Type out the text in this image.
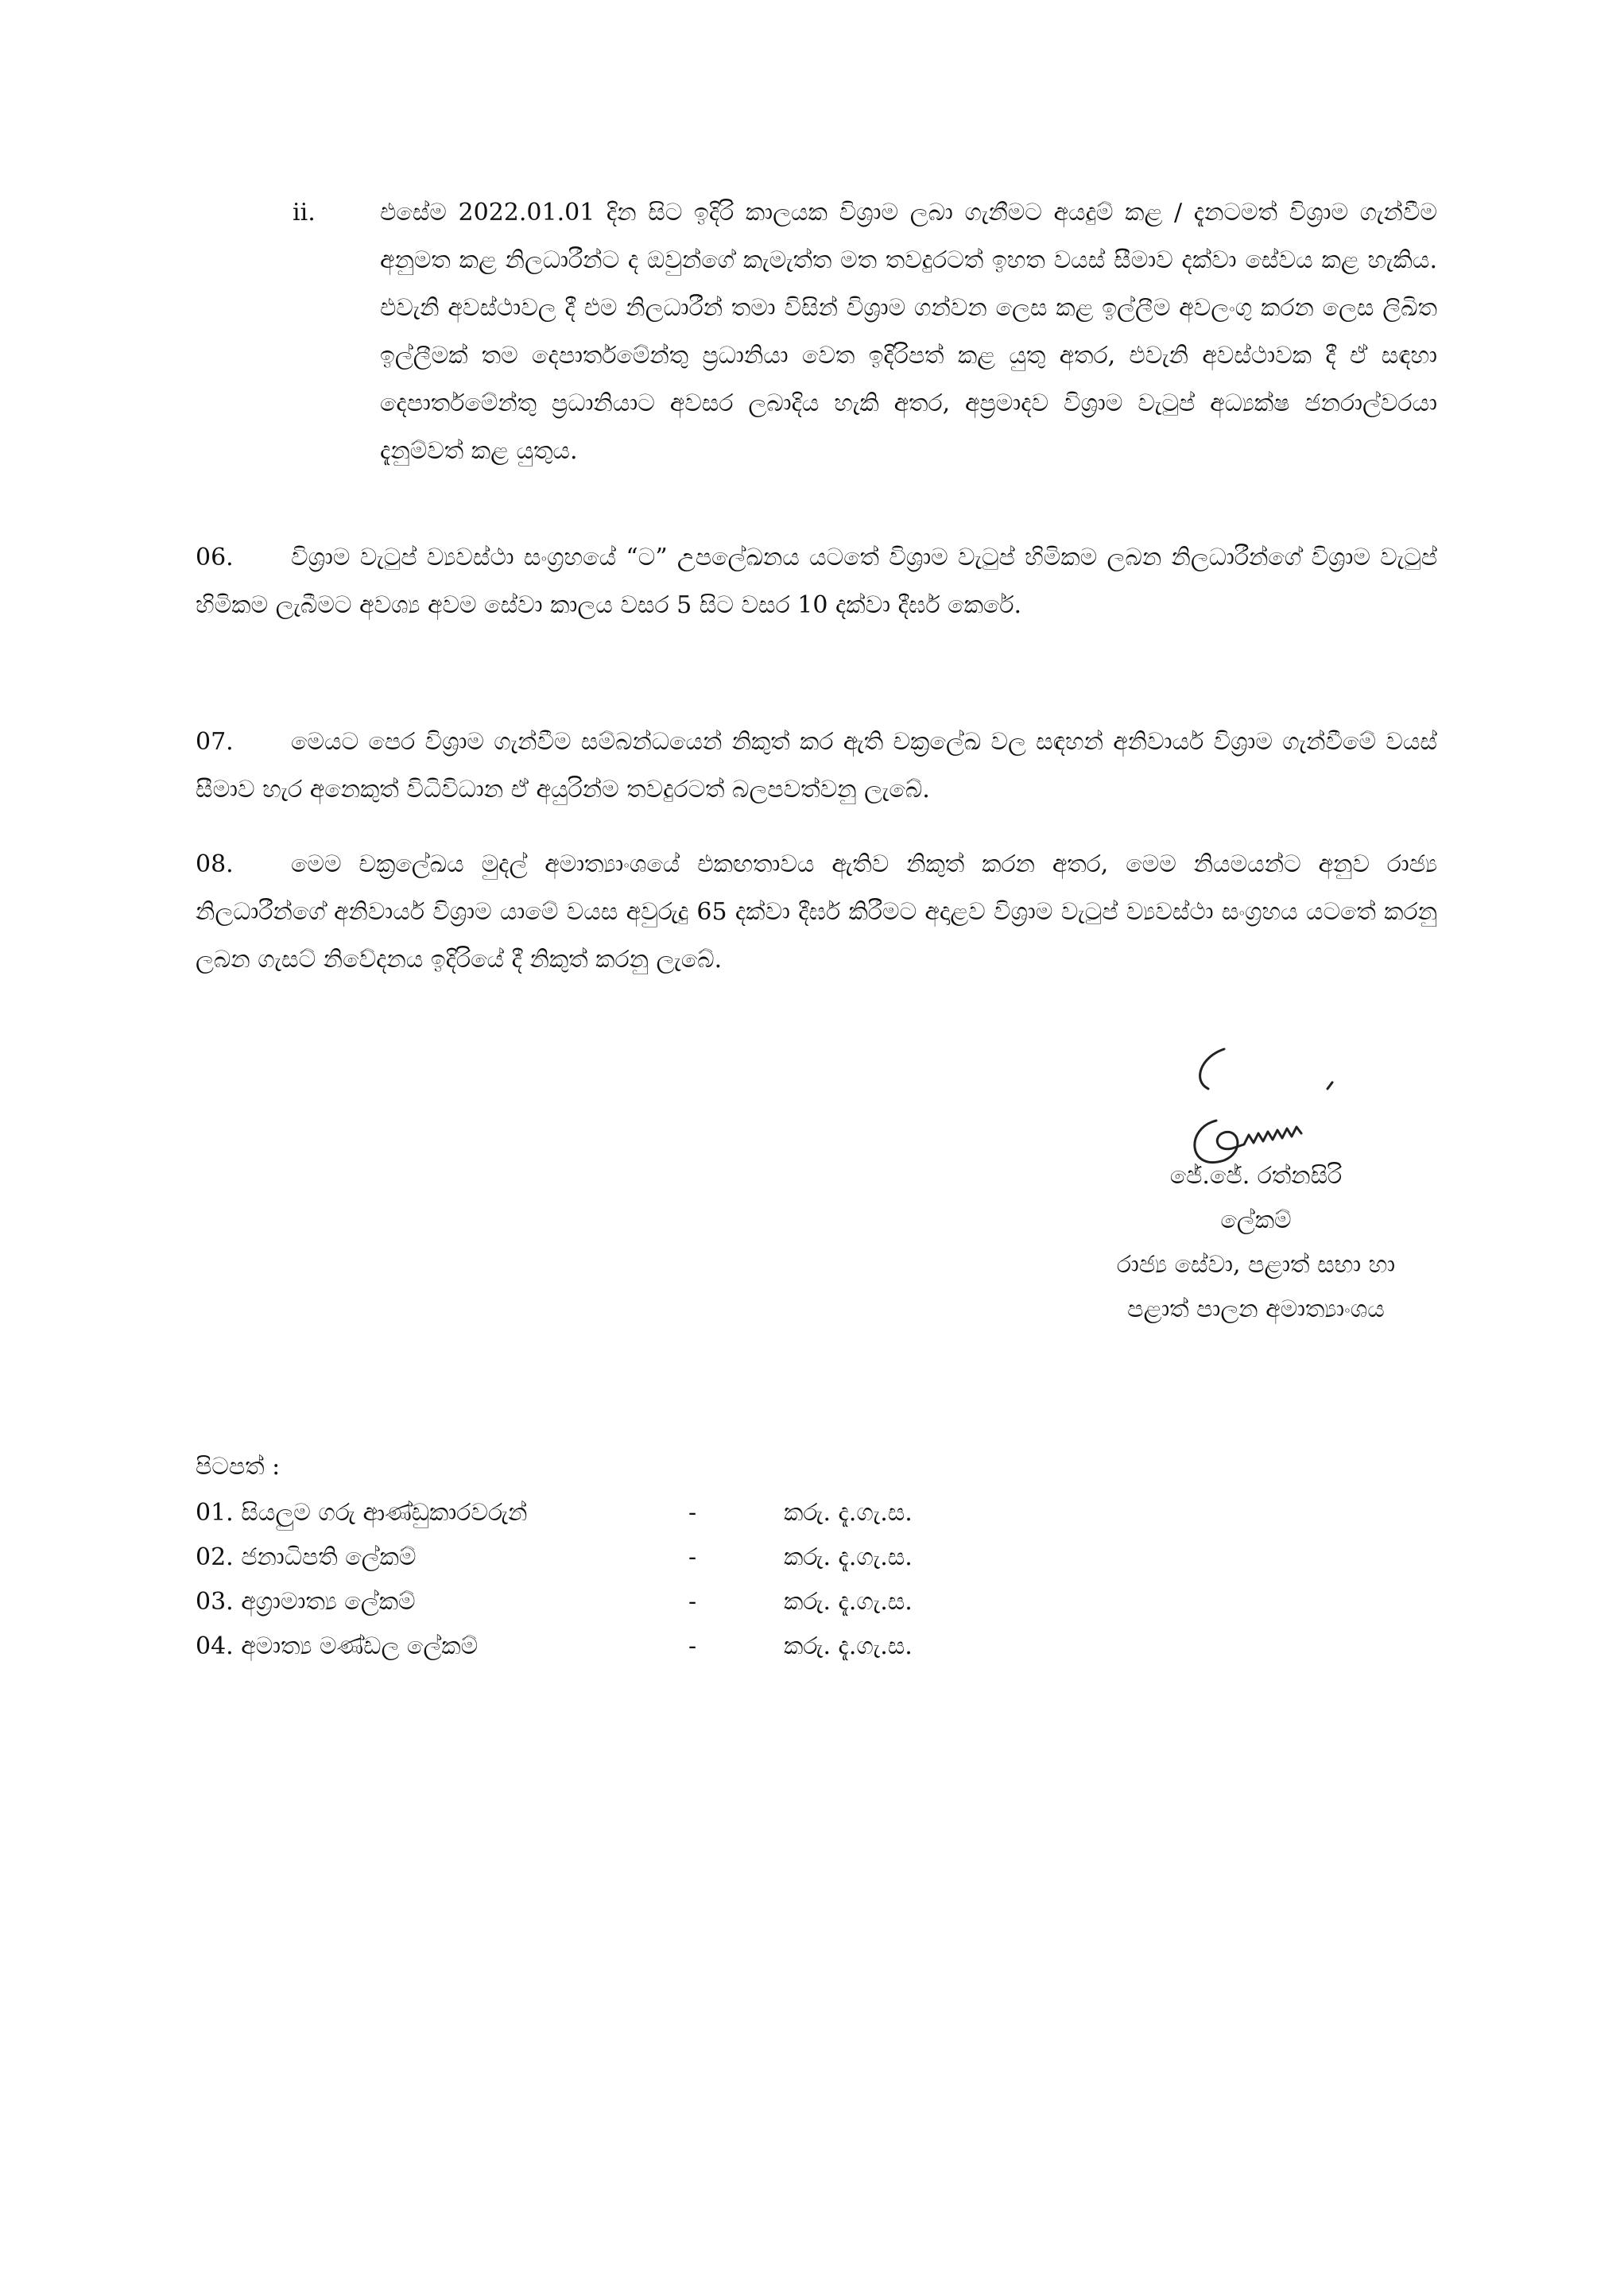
ii.	එසේම 2022.01.01 දින සිට ඉදිරි කාලයක විශ්‍රාම ලබා ගැනීමට අයදුම් කළ / දැනටමත් විශ්‍රාම ගැන්වීම අනුමත කළ නිලධාරීන්ට ද ඔවුන්ගේ කැමැත්ත මත තවදුරටත් ඉහත වයස් සීමාව දක්වා සේවය කළ හැකිය. එවැනි අවස්ථාවල දී එම නිලධාරීන් තමා විසින් විශ්‍රාම ගන්වන ලෙස කළ ඉල්ලීම අවලංගු කරන ලෙස ලිඛිත ඉල්ලීමක් තම දෙපාර්තමේන්තු ප්‍රධානියා වෙත ඉදිරිපත් කළ යුතු අතර, එවැනි අවස්ථාවක දී ඒ සඳහා දෙපාර්තමේන්තු ප්‍රධානියාට අවසර ලබාදිය හැකි අතර, අප්‍රමාදව විශ්‍රාම වැටුප් අධ්‍යක්ෂ ජනරාල්වරයා දැනුම්වත් කළ යුතුය.

06. විශ්‍රාම වැටුප් ව්‍යවස්ථා සංග්‍රහයේ “ට” උපලේඛනය යටතේ විශ්‍රාම වැටුප් හිමිකම ලබන නිලධාරීන්ගේ විශ්‍රාම වැටුප් හිමිකම ලැබීමට අවශ්‍ය අවම සේවා කාලය වසර 5 සිට වසර 10 දක්වා දීර්ඝ කෙරේ.

07. මෙයට පෙර විශ්‍රාම ගැන්වීම සම්බන්ධයෙන් නිකුත් කර ඇති චක්‍රලේඛ වල සඳහන් අනිවාර්ය විශ්‍රාම ගැන්වීමේ වයස් සීමාව හැර අනෙකුත් විධිවිධාන ඒ අයුරින්ම තවදුරටත් බලපවත්වනු ලැබේ.

08. මෙම චක්‍රලේඛය මුදල් අමාත්‍යාංශයේ එකඟතාවය ඇතිව නිකුත් කරන අතර, මෙම නියමයන්ට අනුව රාජ්‍ය නිලධාරීන්ගේ අනිවාර්ය විශ්‍රාම යාමේ වයස අවුරුදු 65 දක්වා දීර්ඝ කිරීමට අදාළව විශ්‍රාම වැටුප් ව්‍යවස්ථා සංග්‍රහය යටතේ කරනු ලබන ගැසට් නිවේදනය ඉදිරියේ දී නිකුත් කරනු ලැබේ.

ජේ.ජේ. රත්නසිරි
ලේකම්
රාජ්‍ය සේවා, පළාත් සභා හා
පළාත් පාලන අමාත්‍යාංශය
පිටපත් :
01. සියලුම ගරු ආණ්ඩුකාරවරුන්	-	කරු. දැ.ගැ.ස.
02. ජනාධිපති ලේකම්	-	කරු. දැ.ගැ.ස.
03. අග්‍රාමාත්‍ය ලේකම්	-	කරු. දැ.ගැ.ස.
04. අමාත්‍ය මණ්ඩල ලේකම්	-	කරු. දැ.ගැ.ස.
